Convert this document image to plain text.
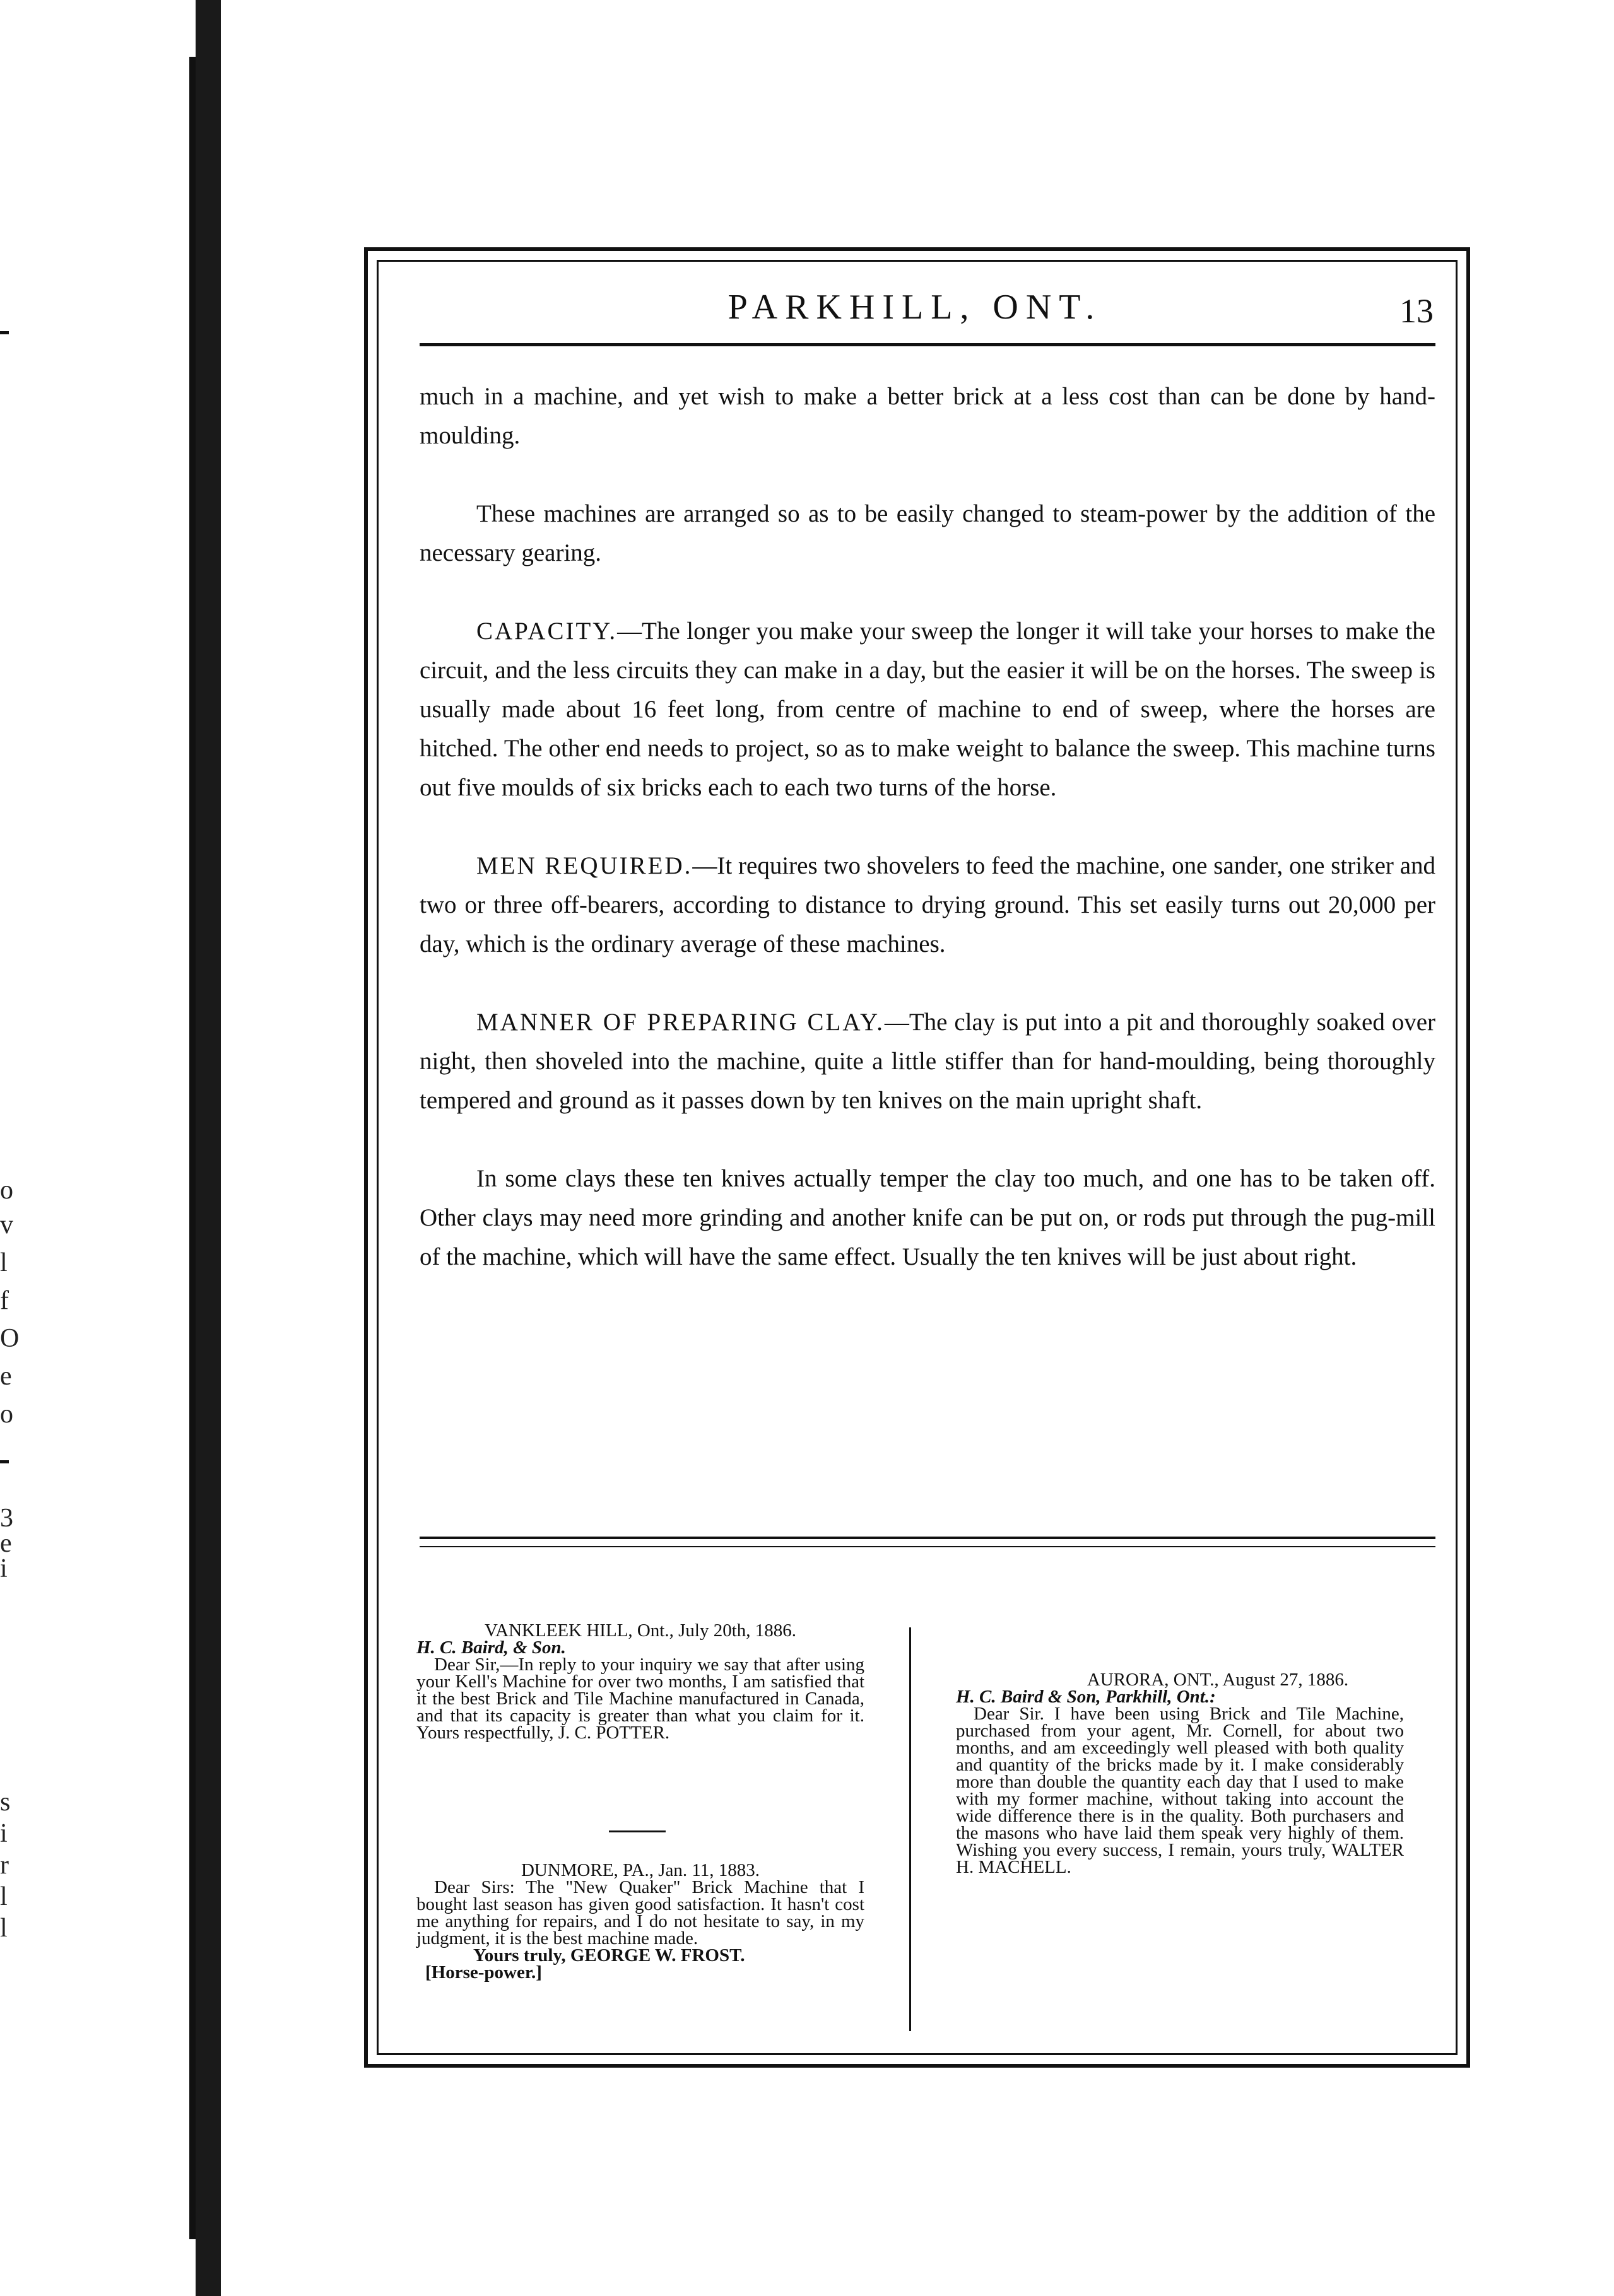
o
v
l
f
O
e
o
3
e
i
s
i
r
l
l
PARKHILL, ONT.	13

much in a machine, and yet wish to make a better brick at a less cost than can be done by hand-moulding.

These machines are arranged so as to be easily changed to steam-power by the addition of the necessary gearing.

CAPACITY.—The longer you make your sweep the longer it will take your horses to make the circuit, and the less circuits they can make in a day, but the easier it will be on the horses. The sweep is usually made about 16 feet long, from centre of machine to end of sweep, where the horses are hitched. The other end needs to project, so as to make weight to balance the sweep. This machine turns out five moulds of six bricks each to each two turns of the horse.

MEN REQUIRED.—It requires two shovelers to feed the machine, one sander, one striker and two or three off-bearers, according to distance to drying ground. This set easily turns out 20,000 per day, which is the ordinary average of these machines.

MANNER OF PREPARING CLAY.—The clay is put into a pit and thoroughly soaked over night, then shoveled into the machine, quite a little stiffer than for hand-moulding, being thoroughly tempered and ground as it passes down by ten knives on the main upright shaft.

In some clays these ten knives actually temper the clay too much, and one has to be taken off. Other clays may need more grinding and another knife can be put on, or rods put through the pug-mill of the machine, which will have the same effect. Usually the ten knives will be just about right.

VANKLEEK HILL, Ont., July 20th, 1886.
H. C. Baird, & Son.
Dear Sir,—In reply to your inquiry we say that after using your Kell's Machine for over two months, I am satisfied that it the best Brick and Tile Machine manufactured in Canada, and that its capacity is greater than what you claim for it. Yours respectfully, J. C. POTTER.
DUNMORE, PA., Jan. 11, 1883.
Dear Sirs: The "New Quaker" Brick Machine that I bought last season has given good satisfaction. It hasn't cost me anything for repairs, and I do not hesitate to say, in my judgment, it is the best machine made.
Yours truly, GEORGE W. FROST.
[Horse-power.]
AURORA, ONT., August 27, 1886.
H. C. Baird & Son, Parkhill, Ont.:
Dear Sir. I have been using Brick and Tile Machine, purchased from your agent, Mr. Cornell, for about two months, and am exceedingly well pleased with both quality and quantity of the bricks made by it. I make considerably more than double the quantity each day that I used to make with my former machine, without taking into account the wide difference there is in the quality. Both purchasers and the masons who have laid them speak very highly of them. Wishing you every success, I remain, yours truly, WALTER H. MACHELL.
